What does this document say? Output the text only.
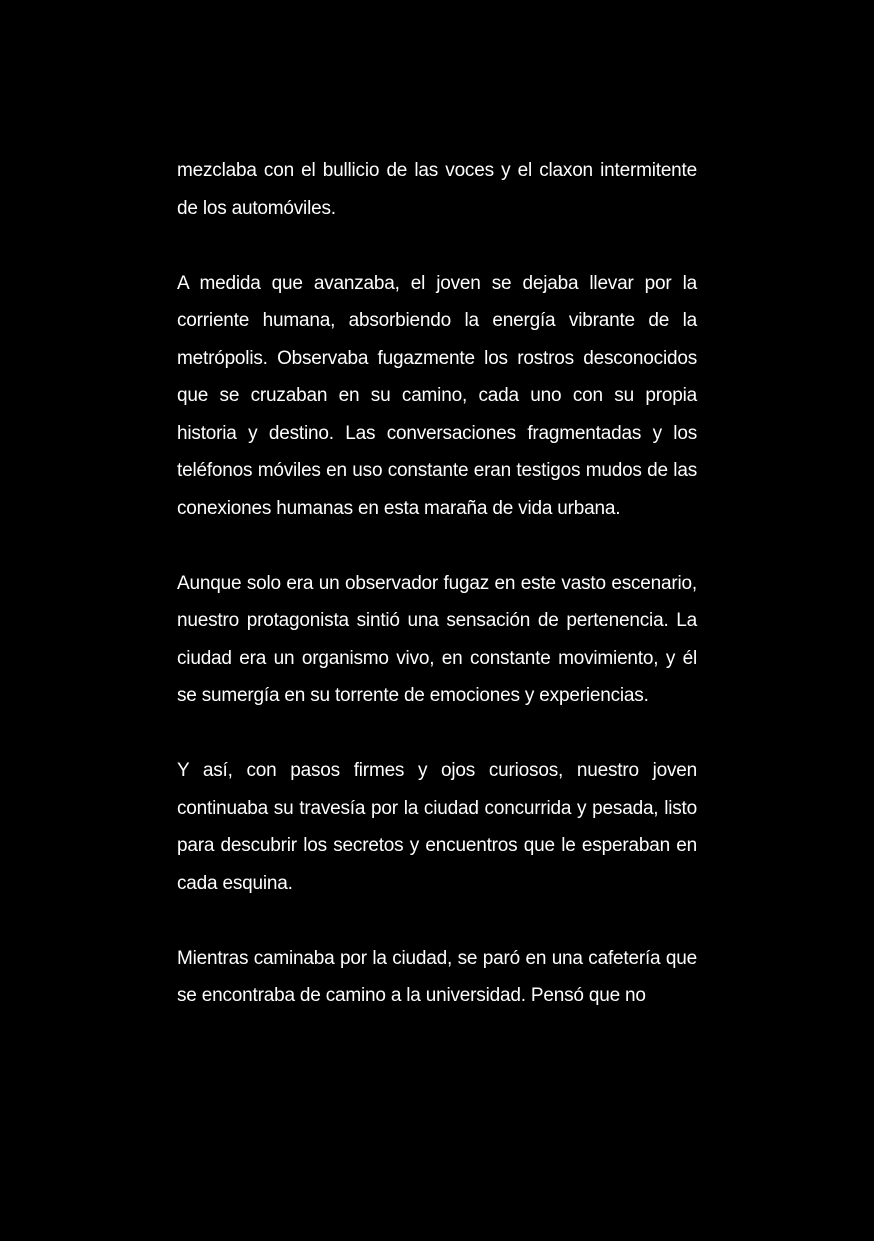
mezclaba con el bullicio de las voces y el claxon intermitente de los automóviles.

A medida que avanzaba, el joven se dejaba llevar por la corriente humana, absorbiendo la energía vibrante de la metrópolis. Observaba fugazmente los rostros desconocidos que se cruzaban en su camino, cada uno con su propia historia y destino. Las conversaciones fragmentadas y los teléfonos móviles en uso constante eran testigos mudos de las conexiones humanas en esta maraña de vida urbana.

Aunque solo era un observador fugaz en este vasto escenario, nuestro protagonista sintió una sensación de pertenencia. La ciudad era un organismo vivo, en constante movimiento, y él se sumergía en su torrente de emociones y experiencias.

Y así, con pasos firmes y ojos curiosos, nuestro joven continuaba su travesía por la ciudad concurrida y pesada, listo para descubrir los secretos y encuentros que le esperaban en cada esquina.

Mientras caminaba por la ciudad, se paró en una cafetería que se encontraba de camino a la universidad. Pensó que no
